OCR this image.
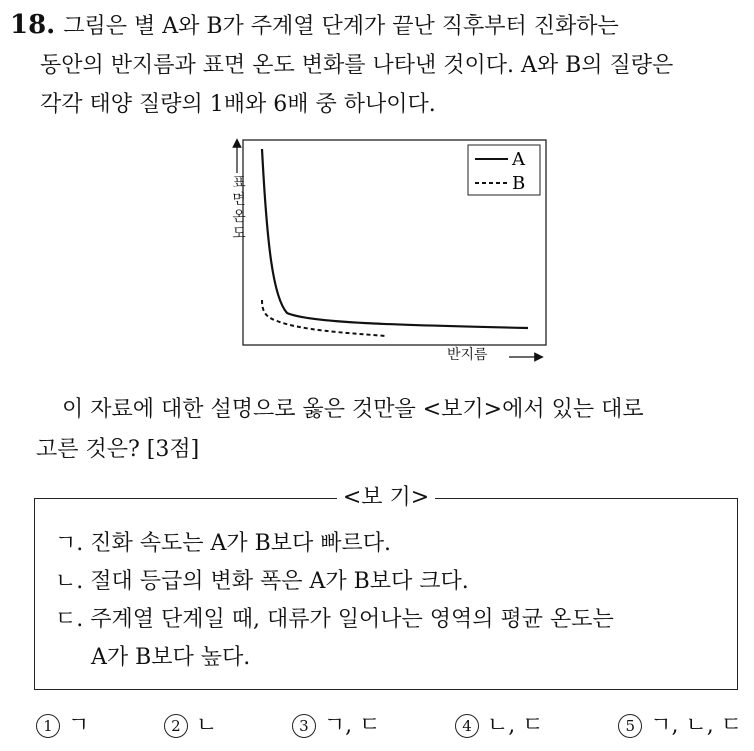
18. 그림은 별 A와 B가 주계열 단계가 끝난 직후부터 진화하는
동안의 반지름과 표면 온도 변화를 나타낸 것이다. A와 B의 질량은
각각 태양 질량의 1배와 6배 중 하나이다.
A
B
표면 온도
반지름
이 자료에 대한 설명으로 옳은 것만을 <보기>에서 있는 대로
고른 것은? [3점]
<보 기>
ㄱ. 진화 속도는 A가 B보다 빠르다.
ㄴ. 절대 등급의 변화 폭은 A가 B보다 크다.
ㄷ. 주계열 단계일 때, 대류가 일어나는 영역의 평균 온도는
A가 B보다 높다.
1 ㄱ	2 ㄴ	3 ㄱ, ㄷ	4 ㄴ, ㄷ	5 ㄱ, ㄴ, ㄷ
